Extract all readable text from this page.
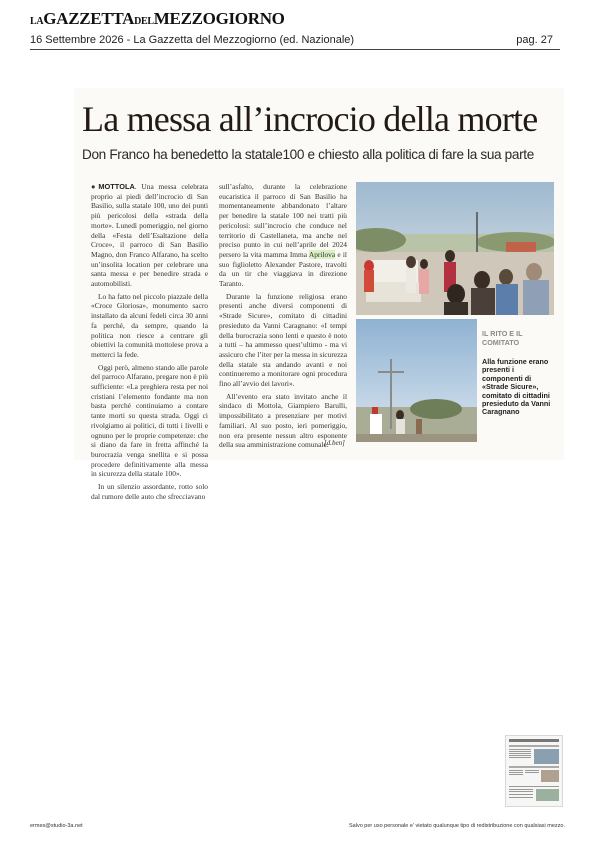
LAGAZZETTADELMEZZOGIORNO
16 Settembre 2026 - La Gazzetta del Mezzogiorno (ed. Nazionale)	pag. 27
La messa all’incrocio della morte
Don Franco ha benedetto la statale100 e chiesto alla politica di fare la sua parte

●MOTTOLA. Una messa celebrata proprio ai piedi dell’incrocio di San Basilio, sulla statale 100, uno dei punti più pericolosi della «strada della morte». Lunedì pomeriggio, nel giorno della «Festa dell’Esaltazione della Croce», il parroco di San Basilio Magno, don Franco Alfarano, ha scelto un’insolita location per celebrare una santa messa e per benedire strada e automobilisti.

Lo ha fatto nel piccolo piazzale della «Croce Gloriosa», monumento sacro installato da alcuni fedeli circa 30 anni fa perché, da sempre, quando la politica non riesce a centrare gli obiettivi la comunità mottolese prova a metterci la fede.

Oggi però, almeno stando alle parole del parroco Alfarano, pregare non è più sufficiente: «La preghiera resta per noi cristiani l’elemento fondante ma non basta perché continuiamo a contare tante morti su questa strada. Oggi ci rivolgiamo ai politici, di tutti i livelli e ognuno per le proprie competenze: che si diano da fare in fretta affinché la burocrazia venga snellita e si possa procedere definitivamente alla messa in sicurezza della statale 100».

In un silenzio assordante, rotto solo dal rumore delle auto che sfrecciavano

sull’asfalto, durante la celebrazione eucaristica il parroco di San Basilio ha momentaneamente abbandonato l’altare per benedire la statale 100 nei tratti più pericolosi: sull’incrocio che conduce nel territorio di Castellaneta, ma anche nel preciso punto in cui nell’aprile del 2024 persero la vita mamma Imma Aprilova e il suo figlioletto Alexander Pastore, travolti da un tir che viaggiava in direzione Taranto.

Durante la funzione religiosa erano presenti anche diversi componenti di «Strade Sicure», comitato di cittadini presieduto da Vanni Caragnano: «I tempi della burocrazia sono lenti e questo è noto a tutti – ha ammesso quest’ultimo - ma vi assicuro che l’iter per la messa in sicurezza della statale sta andando avanti e noi continueremo a monitorare ogni procedura fino all’avvio dei lavori».

All’evento era stato invitato anche il sindaco di Mottola, Giampiero Barulli, impossibilitato a presenziare per motivi familiari. Al suo posto, ieri pomeriggio, non era presente nessun altro esponente della sua amministrazione comunale.

[d.ben]
IL RITO E IL COMITATO
Alla funzione erano presenti i componenti di «Strade Sicure», comitato di cittadini presieduto da Vanni Caragnano
ermes@studio-3a.net	Salvo per uso personale e' vietato qualunque tipo di redistribuzione con qualsiasi mezzo.
